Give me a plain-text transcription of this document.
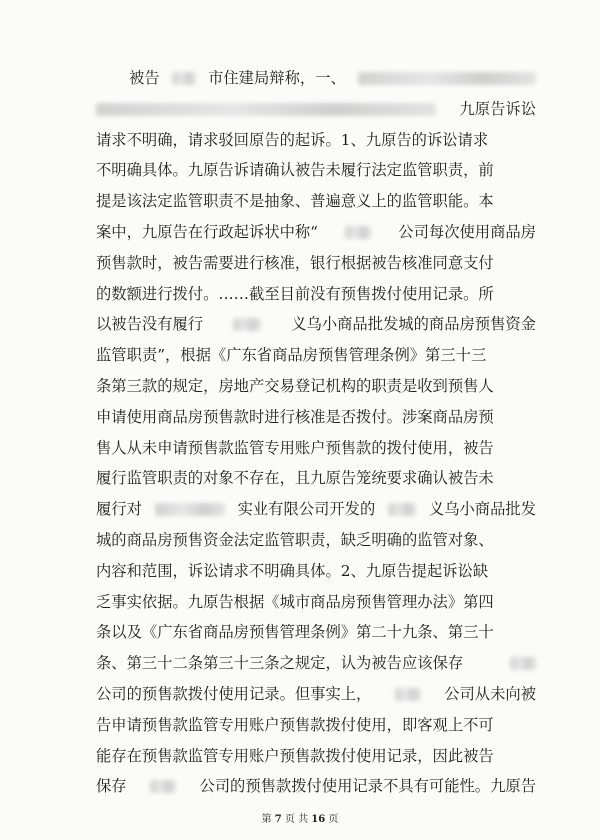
被告	市住建局辩称，一、
九原告诉讼
请求不明确，请求驳回原告的起诉。1、九原告的诉讼请求
不明确具体。九原告诉请确认被告未履行法定监管职责，前
提是该法定监管职责不是抽象、普遍意义上的监管职能。本
案中，九原告在行政起诉状中称“	公司每次使用商品房
预售款时，被告需要进行核准，银行根据被告核准同意支付
的数额进行拨付。……截至目前没有预售拨付使用记录。所
以被告没有履行	义乌小商品批发城的商品房预售资金
监管职责”，根据《广东省商品房预售管理条例》第三十三
条第三款的规定，房地产交易登记机构的职责是收到预售人
申请使用商品房预售款时进行核准是否拨付。涉案商品房预
售人从未申请预售款监管专用账户预售款的拨付使用，被告
履行监管职责的对象不存在，且九原告笼统要求确认被告未
履行对	实业有限公司开发的	义乌小商品批发
城的商品房预售资金法定监管职责，缺乏明确的监管对象、
内容和范围，诉讼请求不明确具体。2、九原告提起诉讼缺
乏事实依据。九原告根据《城市商品房预售管理办法》第四
条以及《广东省商品房预售管理条例》第二十九条、第三十
条、第三十二条第三十三条之规定，认为被告应该保存
公司的预售款拨付使用记录。但事实上，	公司从未向被
告申请预售款监管专用账户预售款拨付使用，即客观上不可
能存在预售款监管专用账户预售款拨付使用记录，因此被告
保存	公司的预售款拨付使用记录不具有可能性。九原告
第 7 页 共 16 页
